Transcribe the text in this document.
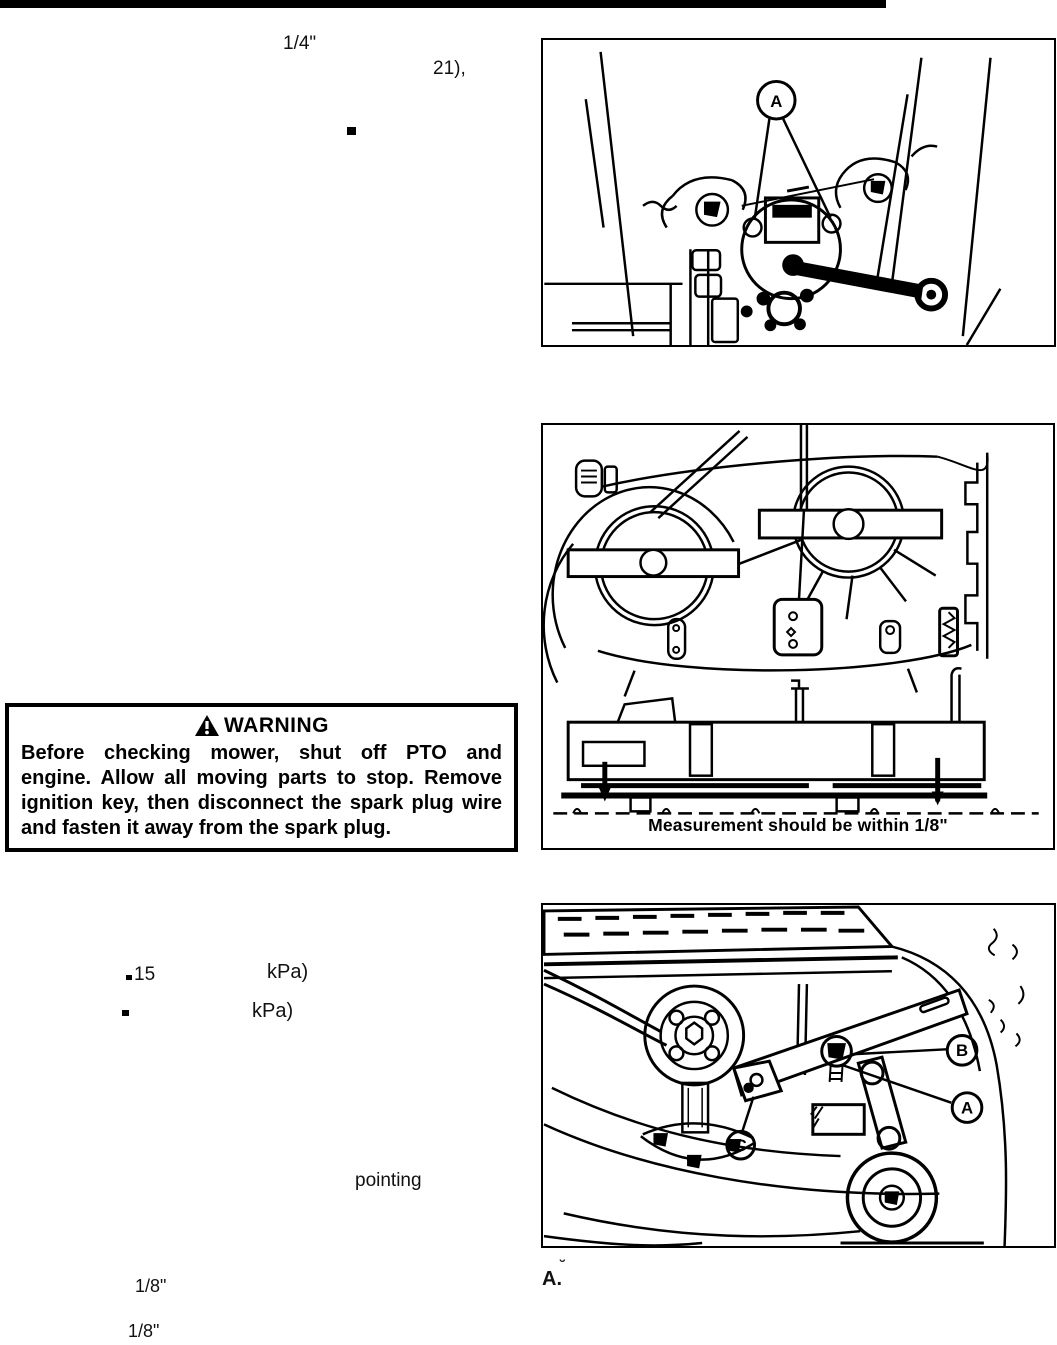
1/4"
21),
A
Measurement should be within 1/8"
WARNING
Before checking mower, shut off PTO and
engine. Allow all moving parts to stop. Remove
ignition key, then disconnect the spark plug wire
and fasten it away from the spark plug.
15	kPa)
kPa)
pointing
B
A
C
1/8"	A.
˘
1/8"
